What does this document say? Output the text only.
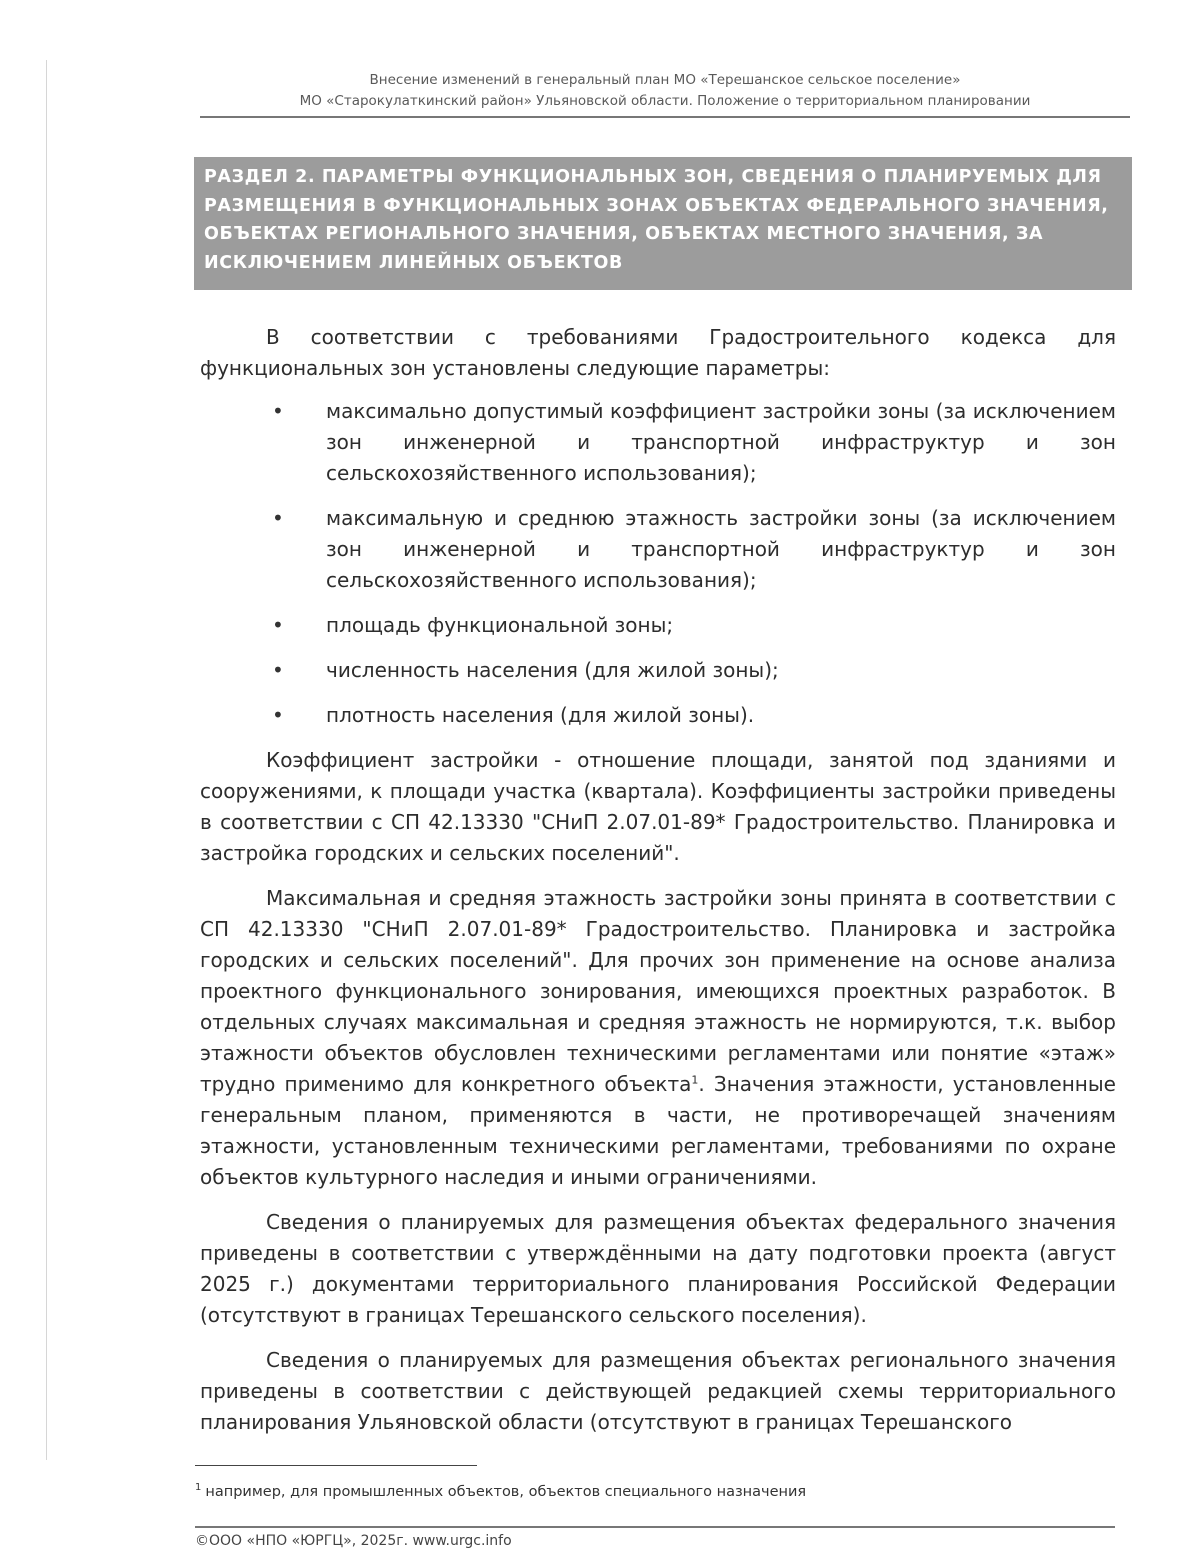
Внесение изменений в генеральный план МО «Терешанское сельское поселение»
МО «Старокулаткинский район» Ульяновской области. Положение о территориальном планировании
РАЗДЕЛ 2. ПАРАМЕТРЫ ФУНКЦИОНАЛЬНЫХ ЗОН, СВЕДЕНИЯ О ПЛАНИРУЕМЫХ ДЛЯ РАЗМЕЩЕНИЯ В ФУНКЦИОНАЛЬНЫХ ЗОНАХ ОБЪЕКТАХ ФЕДЕРАЛЬНОГО ЗНАЧЕНИЯ, ОБЪЕКТАХ РЕГИОНАЛЬНОГО ЗНАЧЕНИЯ, ОБЪЕКТАХ МЕСТНОГО ЗНАЧЕНИЯ, ЗА ИСКЛЮЧЕНИЕМ ЛИНЕЙНЫХ ОБЪЕКТОВ

В соответствии с требованиями Градостроительного кодекса для функциональных зон установлены следующие параметры:

• максимально допустимый коэффициент застройки зоны (за исключением зон инженерной и транспортной инфраструктур и зон сельскохозяйственного использования);
• максимальную и среднюю этажность застройки зоны (за исключением зон инженерной и транспортной инфраструктур и зон сельскохозяйственного использования);
• площадь функциональной зоны;
• численность населения (для жилой зоны);
• плотность населения (для жилой зоны).

Коэффициент застройки - отношение площади, занятой под зданиями и сооружениями, к площади участка (квартала). Коэффициенты застройки приведены в соответствии с СП 42.13330 "СНиП 2.07.01-89* Градостроительство. Планировка и застройка городских и сельских поселений".

Максимальная и средняя этажность застройки зоны принята в соответствии с СП 42.13330 "СНиП 2.07.01-89* Градостроительство. Планировка и застройка городских и сельских поселений". Для прочих зон применение на основе анализа проектного функционального зонирования, имеющихся проектных разработок. В отдельных случаях максимальная и средняя этажность не нормируются, т.к. выбор этажности объектов обусловлен техническими регламентами или понятие «этаж» трудно применимо для конкретного объекта$^1$. Значения этажности, установленные генеральным планом, применяются в части, не противоречащей значениям этажности, установленным техническими регламентами, требованиями по охране объектов культурного наследия и иными ограничениями.

Сведения о планируемых для размещения объектах федерального значения приведены в соответствии с утверждёнными на дату подготовки проекта (август 2025 г.) документами территориального планирования Российской Федерации (отсутствуют в границах Терешанского сельского поселения).

Сведения о планируемых для размещения объектах регионального значения приведены в соответствии с действующей редакцией схемы территориального планирования Ульяновской области (отсутствуют в границах Терешанского

$^1$ например, для промышленных объектов, объектов специального назначения
©ООО «НПО «ЮРГЦ», 2025г. www.urgc.info
